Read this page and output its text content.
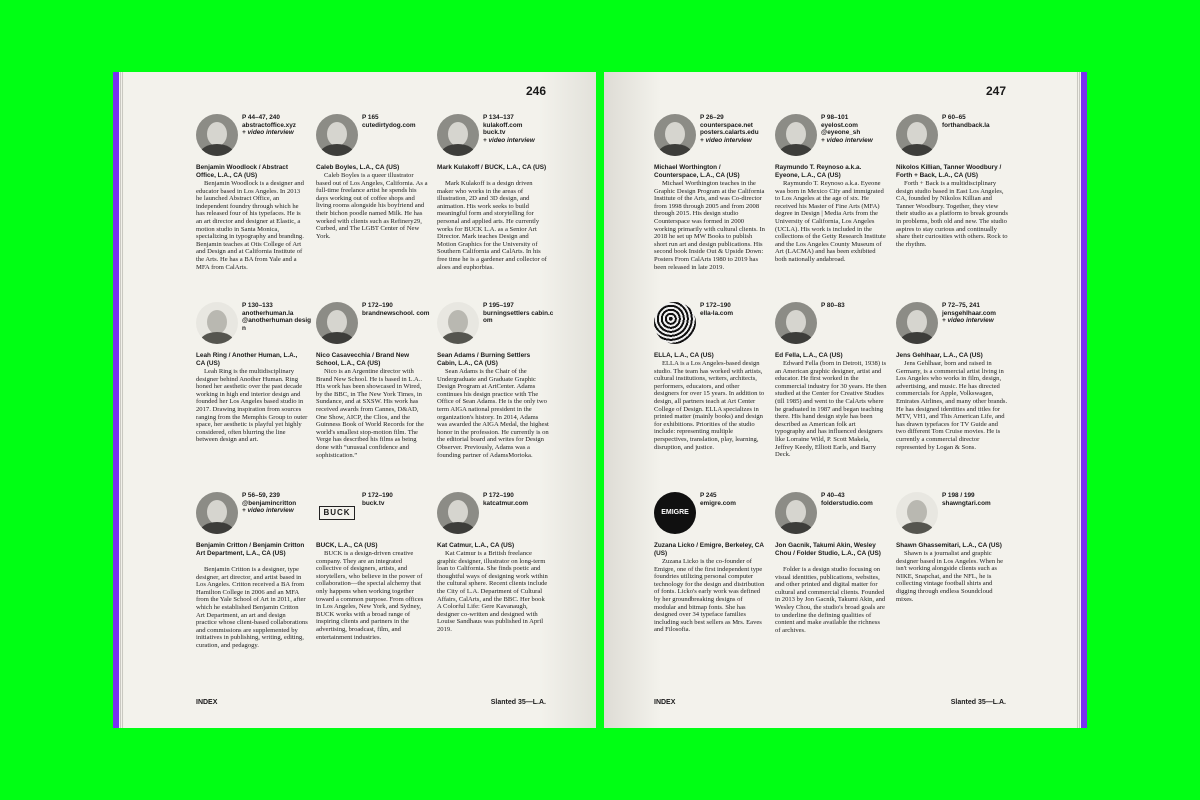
246
P 44–47, 240
abstractoffice.xyz
+ video interview
Benjamin Woodlock / Abstract Office, L.A., CA (US)
Benjamin Woodlock is a designer and educator based in Los Angeles. In 2013 he launched Abstract Office, an independent foundry through which he has released four of his typefaces. He is an art director and designer at Elastic, a motion studio in Santa Monica, specializing in typography and branding. Benjamin teaches at Otis College of Art and Design and at California Institute of the Arts. He has a BA from Yale and a MFA from CalArts.
P 165
cutedirtydog.com
Caleb Boyles, L.A., CA (US)
Caleb Boyles is a queer illustrator based out of Los Angeles, California. As a full-time freelance artist he spends his days working out of coffee shops and living rooms alongside his boyfriend and their bichon poodle named Milk. He has worked with clients such as Refinery29, Curbed, and The LGBT Center of New York.
P 134–137
kulakoff.com
buck.tv
+ video interview
Mark Kulakoff / BUCK, L.A., CA (US)
Mark Kulakoff is a design driven maker who works in the areas of illustration, 2D and 3D design, and animation. His work seeks to build meaningful form and storytelling for personal and applied arts. He currently works for BUCK L.A. as a Senior Art Director. Mark teaches Design and Motion Graphics for the University of Southern California and CalArts. In his free time he is a gardener and collector of aloes and euphorbias.
P 130–133
anotherhuman.la
@anotherhuman design
Leah Ring / Another Human, L.A., CA (US)
Leah Ring is the multidisciplinary designer behind Another Human. Ring honed her aesthetic over the past decade working in high end interior design and founded her Los Angeles based studio in 2017. Drawing inspiration from sources ranging from the Memphis Group to outer space, her aesthetic is playful yet highly considered, often blurring the line between design and art.
P 172–190
brandnewschool. com
Nico Casavecchia / Brand New School, L.A., CA (US)
Nico is an Argentine director with Brand New School. He is based in L.A.. His work has been showcased in Wired, by the BBC, in The New York Times, in Sundance, and at SXSW. His work has received awards from Cannes, D&AD, One Show, AICP, the Clios, and the Guinness Book of World Records for the world's smallest stop-motion film. The Verge has described his films as being done with “unusual confidence and sophistication.”
P 195–197
burningsettlers cabin.com
Sean Adams / Burning Settlers Cabin, L.A., CA (US)
Sean Adams is the Chair of the Undergraduate and Graduate Graphic Design Program at ArtCenter. Adams continues his design practice with The Office of Sean Adams. He is the only two term AIGA national president in the organization's history. In 2014, Adams was awarded the AIGA Medal, the highest honor in the profession. He currently is on the editorial board and writes for Design Observer. Previously, Adams was a founding partner of AdamsMorioka.
P 56–59, 239
@benjamincritton
+ video interview
Benjamin Critton / Benjamin Critton Art Department, L.A., CA (US)
Benjamin Critton is a designer, type designer, art director, and artist based in Los Angeles. Critton received a BA from Hamilton College in 2006 and an MFA from the Yale School of Art in 2011, after which he established Benjamin Critton Art Department, an art and design practice whose client-based collaborations and commissions are supplemented by initiatives in publishing, writing, editing, curation, and pedagogy.
BUCK
P 172–190
buck.tv
BUCK, L.A., CA (US)
BUCK is a design-driven creative company. They are an integrated collective of designers, artists, and storytellers, who believe in the power of collaboration—the special alchemy that only happens when working together toward a common purpose. From offices in Los Angeles, New York, and Sydney, BUCK works with a broad range of inspiring clients and partners in the advertising, broadcast, film, and entertainment industries.
P 172–190
katcatmur.com
Kat Catmur, L.A., CA (US)
Kat Catmur is a British freelance graphic designer, illustrator on long-term loan to California. She finds poetic and thoughtful ways of designing work within the cultural sphere. Recent clients include the City of L.A. Department of Cultural Affairs, CalArts, and the BBC. Her book A Colorful Life: Gere Kavanaugh, designer co-written and designed with Louise Sandhaus was published in April 2019.
INDEX	Slanted 35—L.A.
247
P 26–29
counterspace.net
posters.calarts.edu
+ video interview
Michael Worthington / Counterspace, L.A., CA (US)
Michael Worthington teaches in the Graphic Design Program at the California Institute of the Arts, and was Co-director from 1998 through 2005 and from 2008 through 2015. His design studio Counterspace was formed in 2000 working primarily with cultural clients. In 2018 he set up MW Books to publish short run art and design publications. His second book Inside Out & Upside Down: Posters From CalArts 1980 to 2019 has been released in late 2019.
P 98–101
eyelost.com
@eyeone_sh
+ video interview
Raymundo T. Reynoso a.k.a. Eyeone, L.A., CA (US)
Raymundo T. Reynoso a.k.a. Eyeone was born in Mexico City and immigrated to Los Angeles at the age of six. He received his Master of Fine Arts (MFA) degree in Design | Media Arts from the University of California, Los Angeles (UCLA). His work is included in the collections of the Getty Research Institute and the Los Angeles County Museum of Art (LACMA) and has been exhibited both nationally andabroad.
P 60–65
forthandback.la
Nikolos Killian, Tanner Woodbury / Forth + Back, L.A., CA (US)
Forth + Back is a multidisciplinary design studio based in East Los Angeles, CA, founded by Nikolos Killian and Tanner Woodbury. Together, they view their studio as a platform to break grounds in problems, both old and new. The studio aspires to stay curious and continually share their curiosities with others. Rock to the rhythm.
P 172–190
ella-la.com
ELLA, L.A., CA (US)
ELLA is a Los Angeles-based design studio. The team has worked with artists, cultural institutions, writers, architects, performers, educators, and other designers for over 15 years. In addition to design, all partners teach at Art Center College of Design. ELLA specializes in printed matter (mainly books) and design for exhibitions. Priorities of the studio include: representing multiple perspectives, translation, play, learning, disruption, and justice.
P 80–83
Ed Fella, L.A., CA (US)
Edward Fella (born in Detroit, 1938) is an American graphic designer, artist and educator. He first worked in the commercial industry for 30 years. He then studied at the Center for Creative Studies (till 1985) and went to the CalArts where he graduated in 1987 and began teaching there. His hand design style has been described as American folk art typography and has influenced designers like Lorraine Wild, P. Scott Makela, Jeffrey Keedy, Elliott Earls, and Barry Deck.
P 72–75, 241
jensgehlhaar.com
+ video interview
Jens Gehlhaar, L.A., CA (US)
Jens Gehlhaar, born and raised in Germany, is a commercial artist living in Los Angeles who works in film, design, advertising, and music. He has directed commercials for Apple, Volkswagen, Emirates Airlines, and many other brands. He has designed identities and titles for MTV, VH1, and This American Life, and has drawn typefaces for TV Guide and two different Tom Cruise movies. He is currently a commercial director represented by Logan & Sons.
EMIGRE
P 245
emigre.com
Zuzana Licko / Emigre, Berkeley, CA (US)
Zuzana Licko is the co-founder of Emigre, one of the first independent type foundries utilizing personal computer technology for the design and distribution of fonts. Licko's early work was defined by her groundbreaking designs of modular and bitmap fonts. She has designed over 34 typeface families including such best sellers as Mrs. Eaves and Filosofia.
P 40–43
folderstudio.com
Jon Gacnik, Takumi Akin, Wesley Chou / Folder Studio, L.A., CA (US)
Folder is a design studio focusing on visual identities, publications, websites, and other printed and digital matter for cultural and commercial clients. Founded in 2013 by Jon Gacnik, Takumi Akin, and Wesley Chou, the studio's broad goals are to underline the defining qualities of content and make available the richness of archives.
P 198 / 199
shawngtari.com
Shawn Ghassemitari, L.A., CA (US)
Shawn is a journalist and graphic designer based in Los Angeles. When he isn't working alongside clients such as NIKE, Snapchat, and the NFL, he is collecting vintage football shirts and digging through endless Soundcloud mixes.
INDEX	Slanted 35—L.A.
